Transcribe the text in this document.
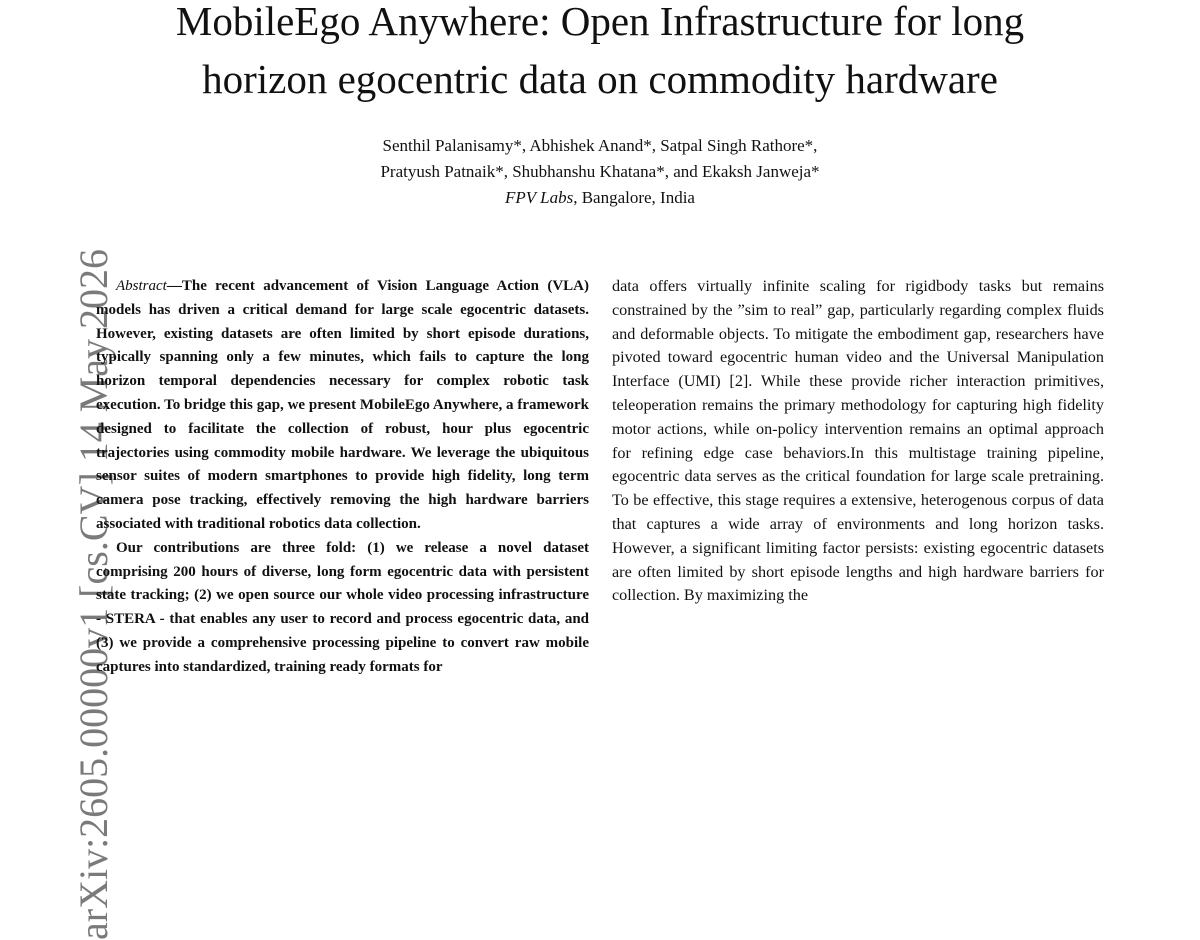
MobileEgo Anywhere: Open Infrastructure for long
horizon egocentric data on commodity hardware
Senthil Palanisamy*, Abhishek Anand*, Satpal Singh Rathore*,
Pratyush Patnaik*, Shubhanshu Khatana*, and Ekaksh Janweja*
FPV Labs, Bangalore, India
arXiv:2605.00000v1 [cs.CV] 14 May 2026 Abstract—The recent advancement of Vision Language Action (VLA) models has driven a critical demand for large scale egocentric datasets. However, existing datasets are often limited by short episode durations, typically spanning only a few minutes, which fails to capture the long horizon temporal dependencies necessary for complex robotic task execution. To bridge this gap, we present MobileEgo Anywhere, a framework designed to facilitate the collection of robust, hour plus egocentric trajectories using commodity mobile hardware. We leverage the ubiquitous sensor suites of modern smartphones to provide high fidelity, long term camera pose tracking, effectively removing the high hardware barriers associated with traditional robotics data collection.

Our contributions are three fold: (1) we release a novel dataset comprising 200 hours of diverse, long form egocentric data with persistent state tracking; (2) we open source our whole video processing infrastructure - STERA - that enables any user to record and process egocentric data, and (3) we provide a comprehensive processing pipeline to convert raw mobile captures into standardized, training ready formats for

data offers virtually infinite scaling for rigidbody tasks but remains constrained by the ”sim to real” gap, particularly regarding complex fluids and deformable objects. To mitigate the embodiment gap, researchers have pivoted toward egocentric human video and the Universal Manipulation Interface (UMI) [2]. While these provide richer interaction primitives, teleoperation remains the primary methodology for capturing high fidelity motor actions, while on-policy intervention remains an optimal approach for refining edge case behaviors.In this multistage training pipeline, egocentric data serves as the critical foundation for large scale pretraining. To be effective, this stage requires a extensive, heterogenous corpus of data that captures a wide array of environments and long horizon tasks. However, a significant limiting factor persists: existing egocentric datasets are often limited by short episode lengths and high hardware barriers for collection. By maximizing the
